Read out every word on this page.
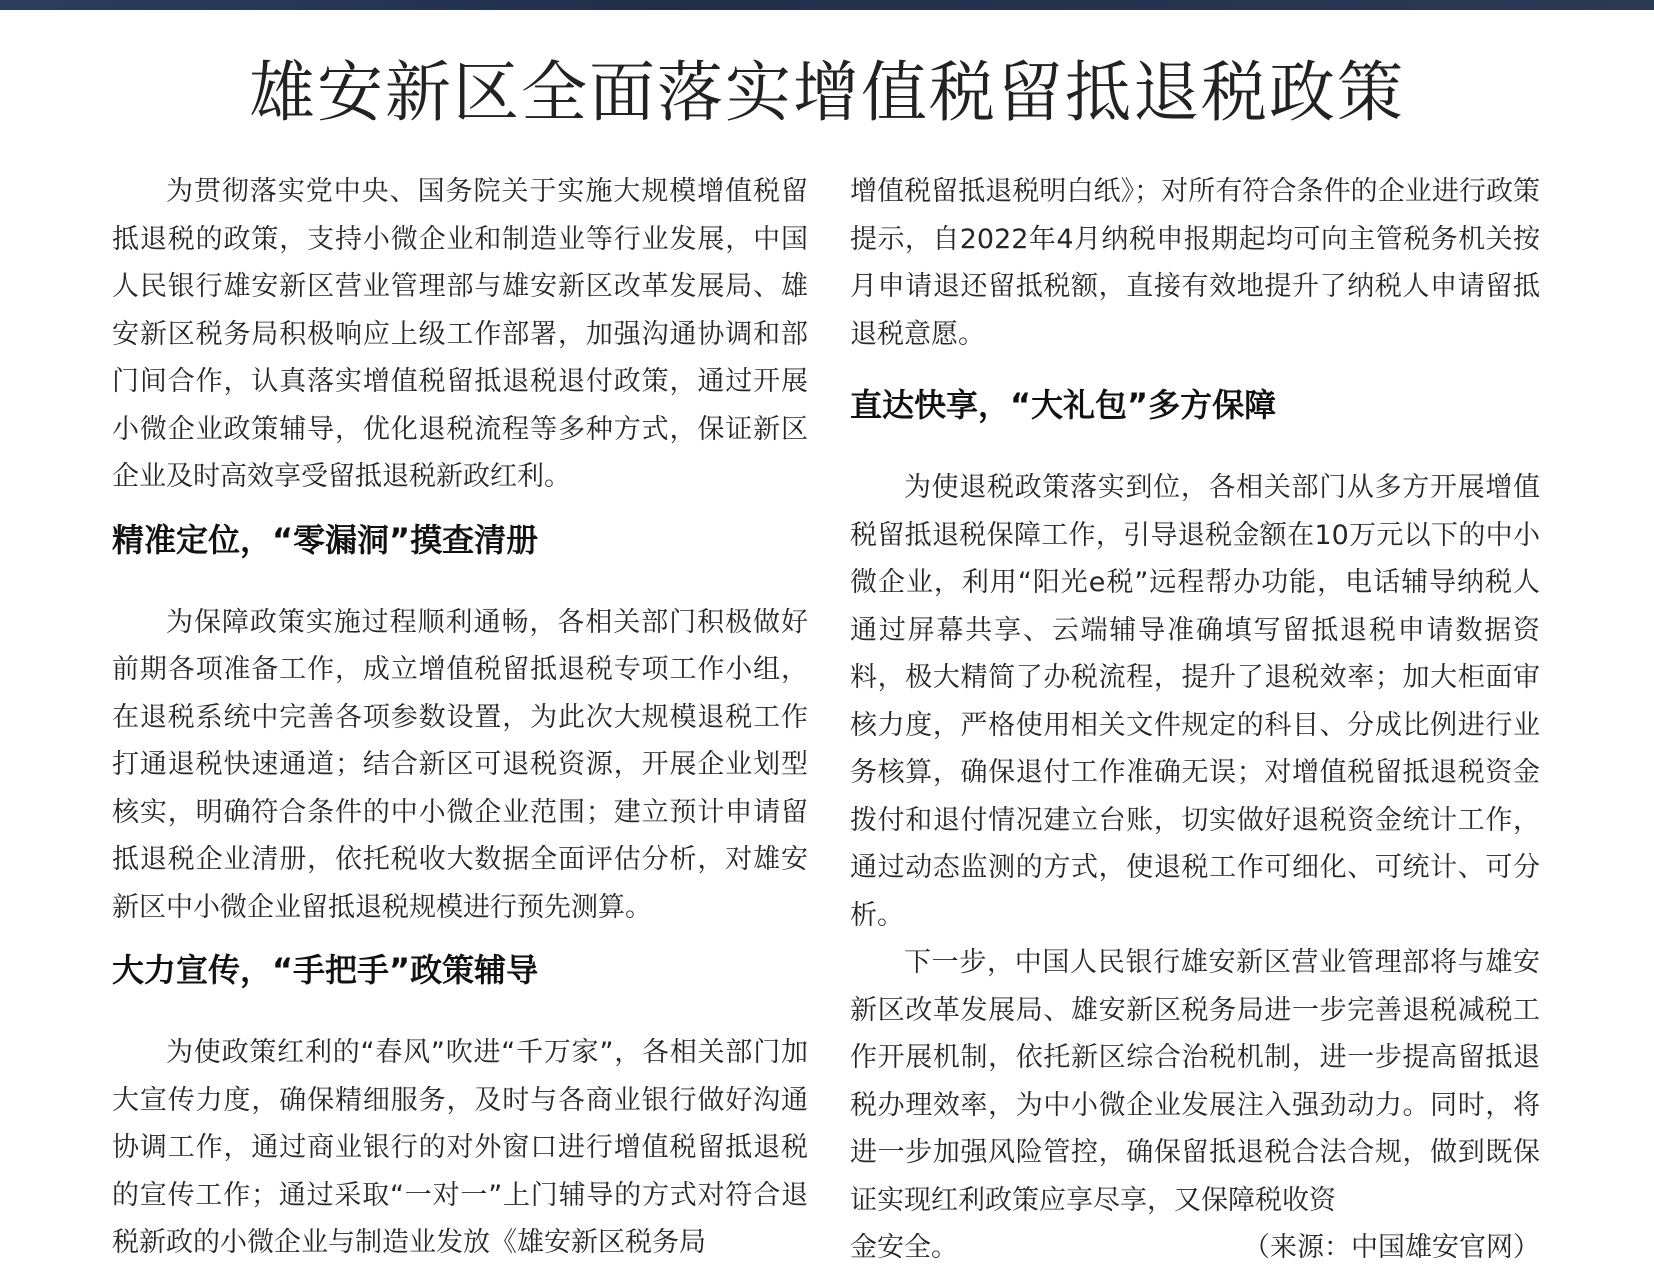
雄安新区全面落实增值税留抵退税政策

为贯彻落实党中央、国务院关于实施大规模增值税留抵退税的政策，支持小微企业和制造业等行业发展，中国人民银行雄安新区营业管理部与雄安新区改革发展局、雄安新区税务局积极响应上级工作部署，加强沟通协调和部门间合作，认真落实增值税留抵退税退付政策，通过开展小微企业政策辅导，优化退税流程等多种方式，保证新区企业及时高效享受留抵退税新政红利。

精准定位，“零漏洞”摸查清册

为保障政策实施过程顺利通畅，各相关部门积极做好前期各项准备工作，成立增值税留抵退税专项工作小组，在退税系统中完善各项参数设置，为此次大规模退税工作打通退税快速通道；结合新区可退税资源，开展企业划型核实，明确符合条件的中小微企业范围；建立预计申请留抵退税企业清册，依托税收大数据全面评估分析，对雄安新区中小微企业留抵退税规模进行预先测算。

大力宣传，“手把手”政策辅导

为使政策红利的“春风”吹进“千万家”，各相关部门加大宣传力度，确保精细服务，及时与各商业银行做好沟通协调工作，通过商业银行的对外窗口进行增值税留抵退税的宣传工作；通过采取“一对一”上门辅导的方式对符合退税新政的小微企业与制造业发放《雄安新区税务局

增值税留抵退税明白纸》；对所有符合条件的企业进行政策提示，自2022年4月纳税申报期起均可向主管税务机关按月申请退还留抵税额，直接有效地提升了纳税人申请留抵退税意愿。

直达快享，“大礼包”多方保障

为使退税政策落实到位，各相关部门从多方开展增值税留抵退税保障工作，引导退税金额在10万元以下的中小微企业，利用“阳光e税”远程帮办功能，电话辅导纳税人通过屏幕共享、云端辅导准确填写留抵退税申请数据资料，极大精简了办税流程，提升了退税效率；加大柜面审核力度，严格使用相关文件规定的科目、分成比例进行业务核算，确保退付工作准确无误；对增值税留抵退税资金拨付和退付情况建立台账，切实做好退税资金统计工作，通过动态监测的方式，使退税工作可细化、可统计、可分析。

下一步，中国人民银行雄安新区营业管理部将与雄安新区改革发展局、雄安新区税务局进一步完善退税减税工作开展机制，依托新区综合治税机制，进一步提高留抵退税办理效率，为中小微企业发展注入强劲动力。同时，将进一步加强风险管控，确保留抵退税合法合规，做到既保证实现红利政策应享尽享，又保障税收资

金安全。	（来源：中国雄安官网）
